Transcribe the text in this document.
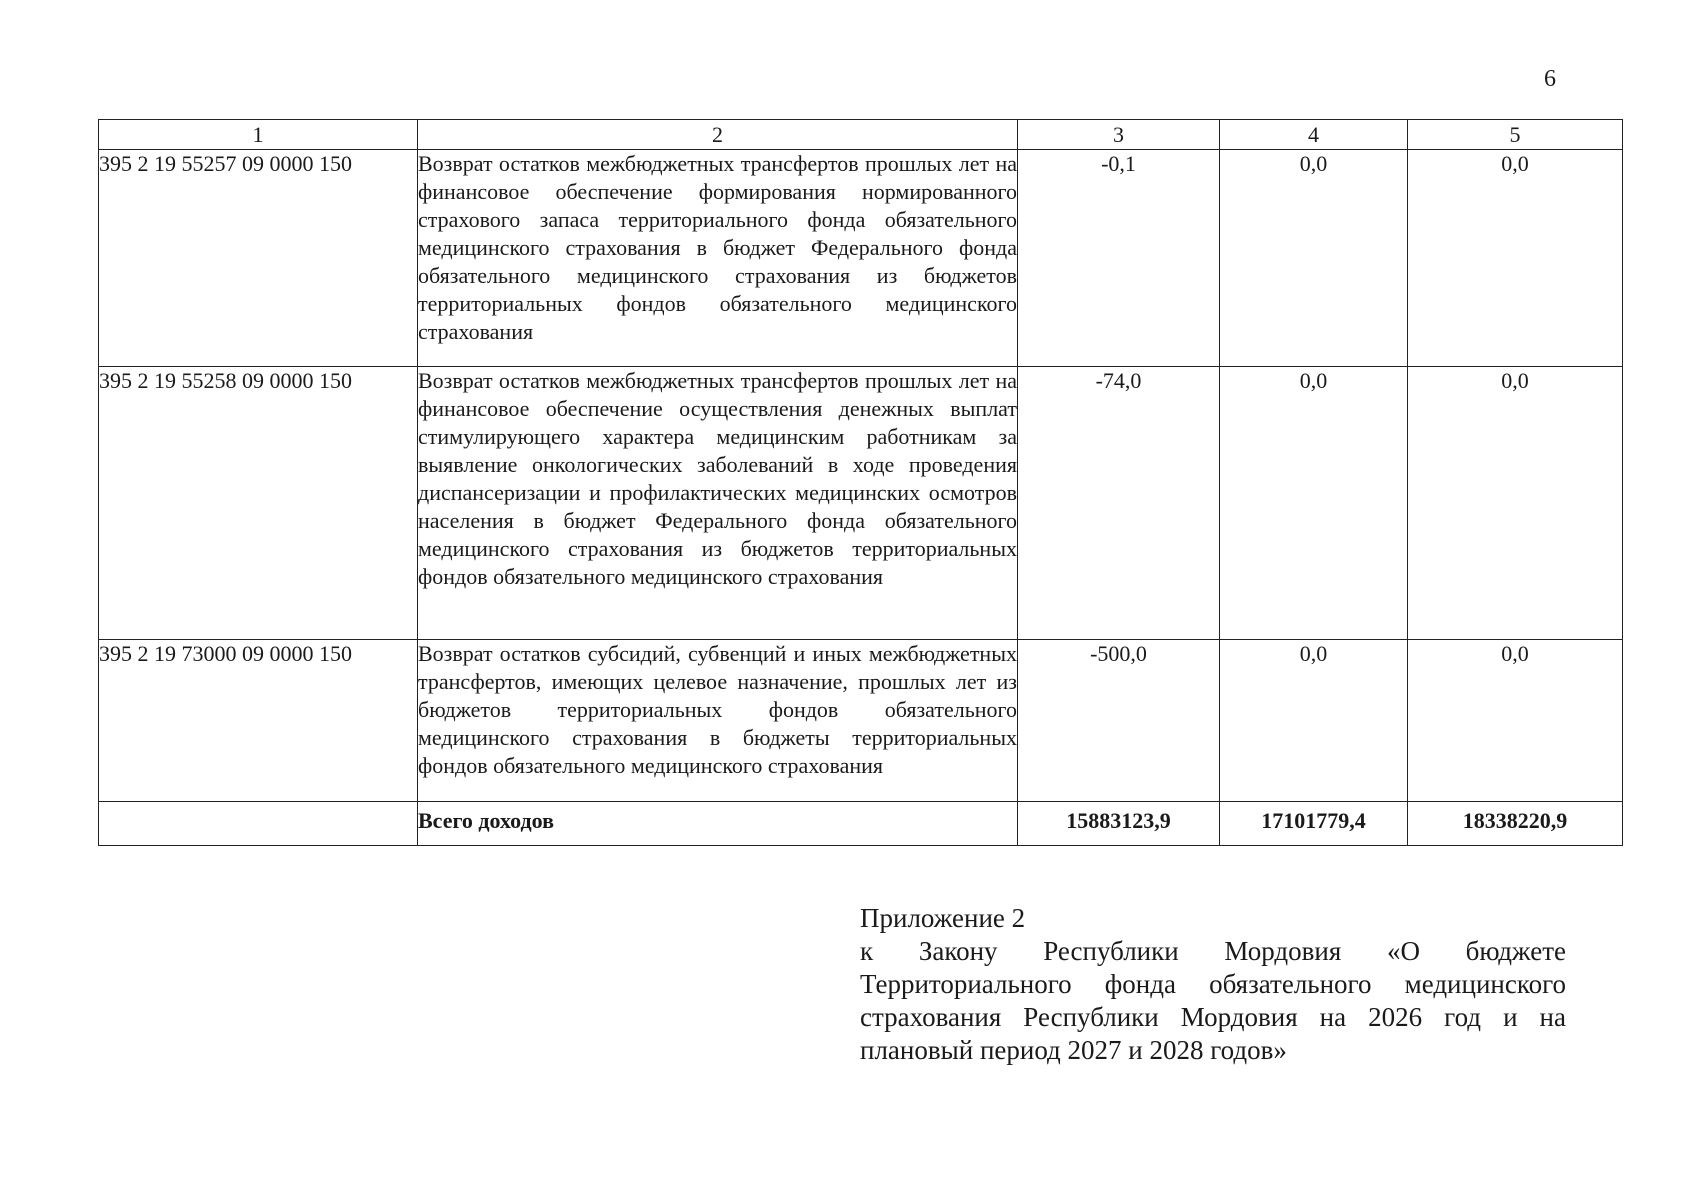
6
1	2	3	4	5
395 2 19 55257 09 0000 150	Возврат остатков межбюджетных трансфертов прошлых лет на финансовое обеспечение формирования нормированного страхового запаса территориального фонда обязательного медицинского страхования в бюджет Федерального фонда обязательного медицинского страхования из бюджетов территориальных фондов обязательного медицинского страхования	-0,1	0,0	0,0
395 2 19 55258 09 0000 150	Возврат остатков межбюджетных трансфертов прошлых лет на финансовое обеспечение осуществления денежных выплат стимулирующего характера медицинским работникам за выявление онкологических заболеваний в ходе проведения диспансеризации и профилактических медицинских осмотров населения в бюджет Федерального фонда обязательного медицинского страхования из бюджетов территориальных фондов обязательного медицинского страхования	-74,0	0,0	0,0
395 2 19 73000 09 0000 150	Возврат остатков субсидий, субвенций и иных межбюджетных трансфертов, имеющих целевое назначение, прошлых лет из бюджетов территориальных фондов обязательного медицинского страхования в бюджеты территориальных фондов обязательного медицинского страхования	-500,0	0,0	0,0
	Всего доходов	15883123,9	17101779,4	18338220,9
Приложение 2
к Закону Республики Мордовия «О бюджете Территориального фонда обязательного медицинского страхования Республики Мордовия на 2026 год и на плановый период 2027 и 2028 годов»
